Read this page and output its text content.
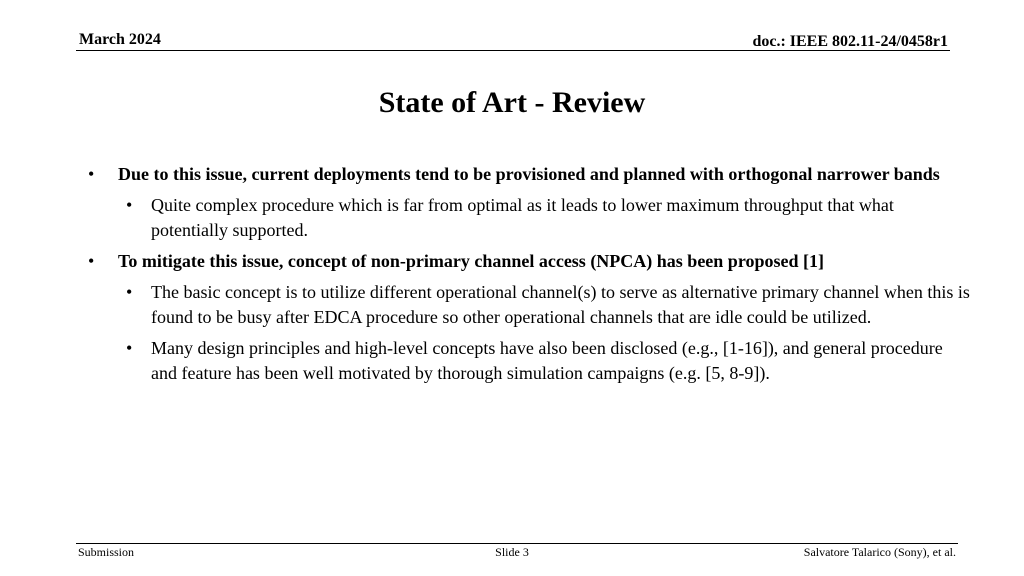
March 2024	doc.: IEEE 802.11-24/0458r1
State of Art - Review
• Due to this issue, current deployments tend to be provisioned and planned with orthogonal narrower bands
• Quite complex procedure which is far from optimal as it leads to lower maximum throughput that what potentially supported.
• To mitigate this issue, concept of non-primary channel access (NPCA) has been proposed [1]
• The basic concept is to utilize different operational channel(s) to serve as alternative primary channel when this is found to be busy after EDCA procedure so other operational channels that are idle could be utilized.
• Many design principles and high-level concepts have also been disclosed (e.g., [1-16]), and general procedure and feature has been well motivated by thorough simulation campaigns (e.g. [5, 8-9]).
Submission	Slide 3	Salvatore Talarico (Sony), et al.
